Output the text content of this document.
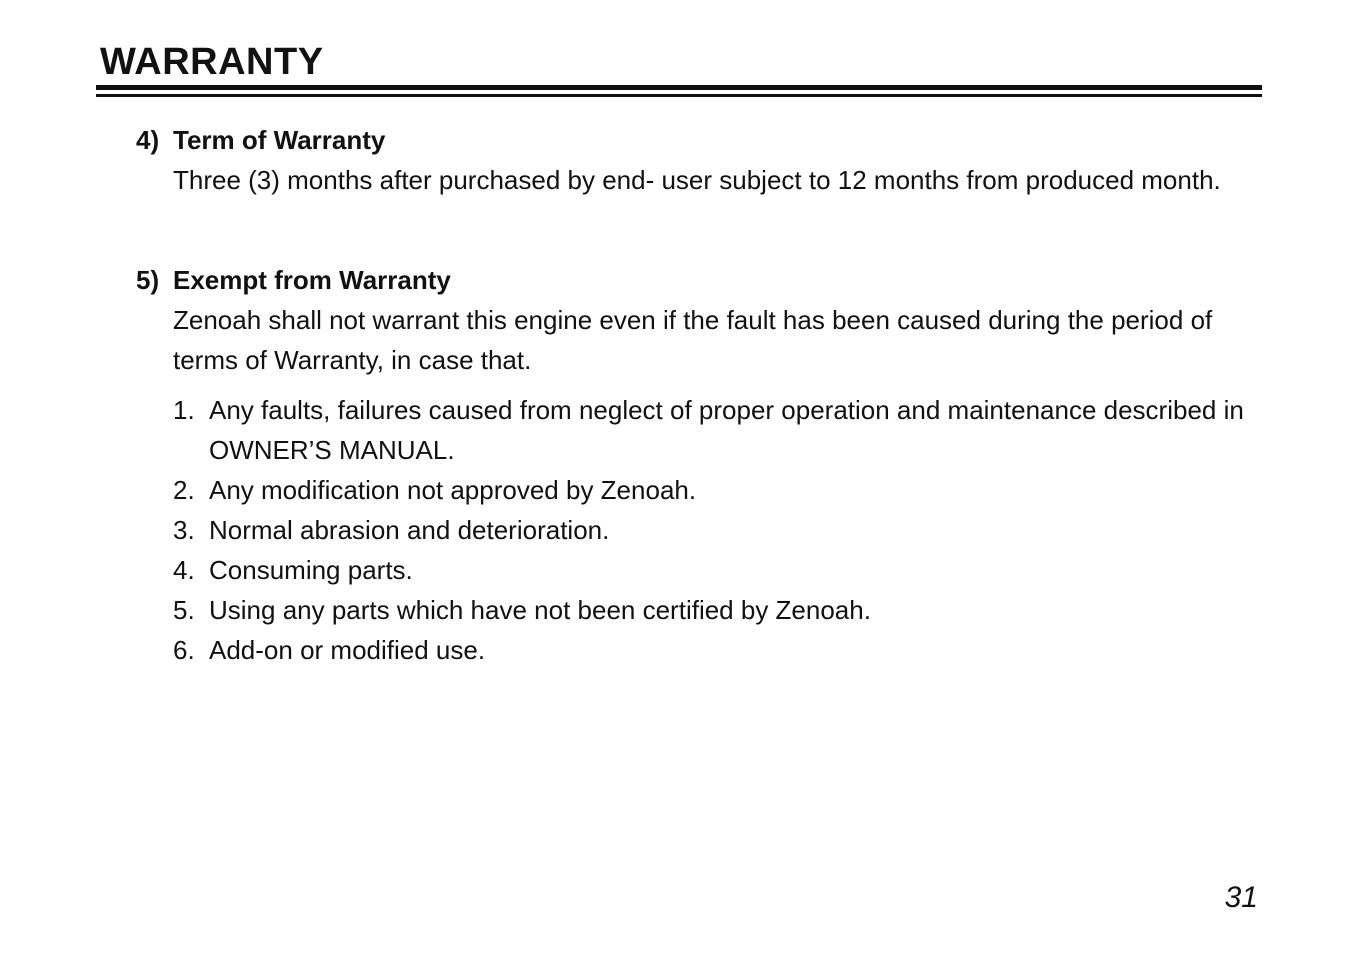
WARRANTY
4) Term of Warranty
Three (3) months after purchased by end- user subject to 12 months from produced month.
5) Exempt from Warranty
Zenoah shall not warrant this engine even if the fault has been caused during the period of terms of Warranty, in case that.
1. Any faults, failures caused from neglect of proper operation and maintenance described in OWNER’S MANUAL.
2. Any modification not approved by Zenoah.
3. Normal abrasion and deterioration.
4. Consuming parts.
5. Using any parts which have not been certified by Zenoah.
6. Add-on or modified use.
31
